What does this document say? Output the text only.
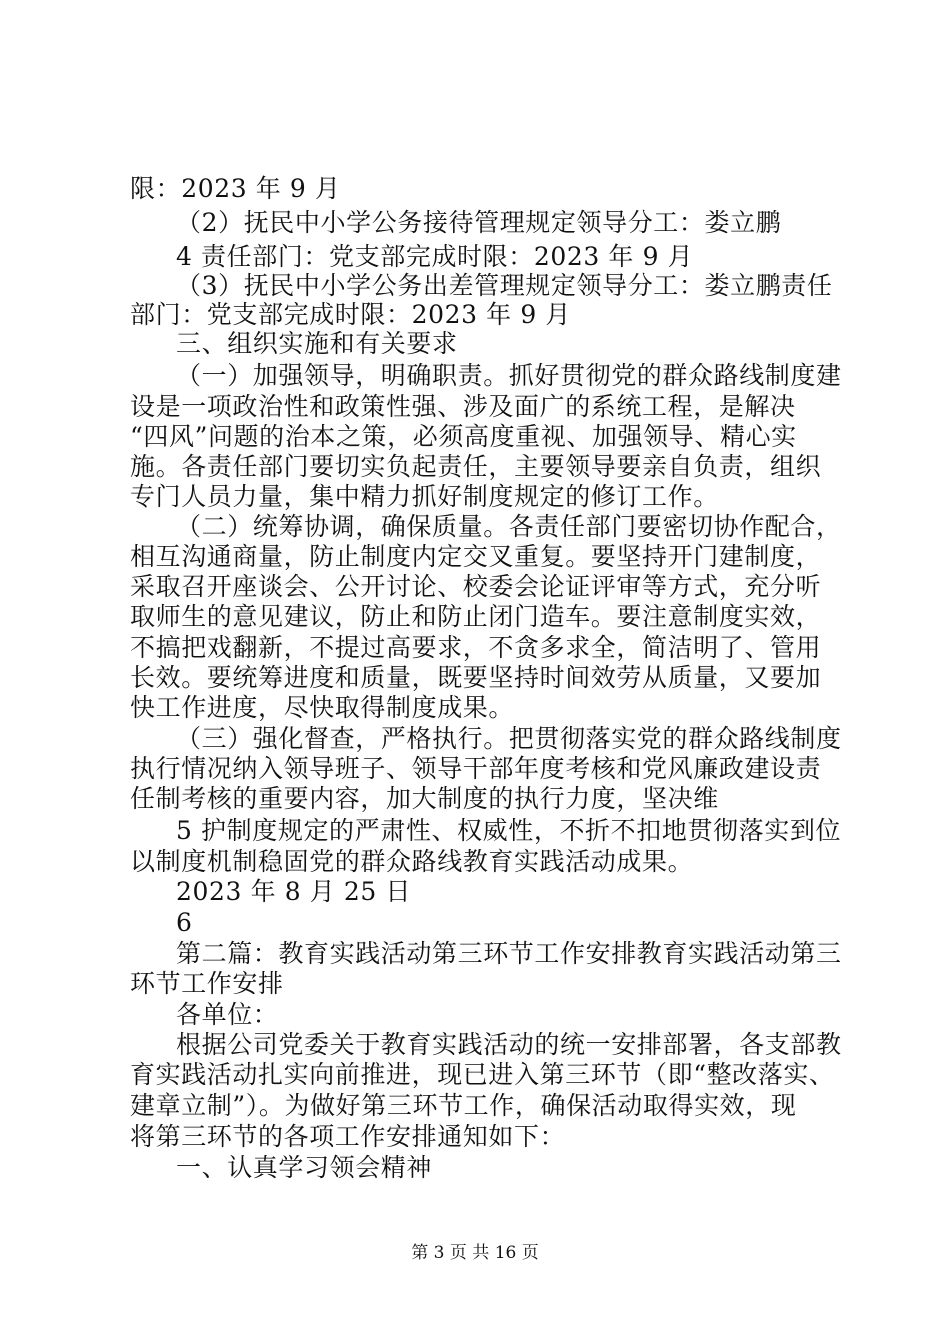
限：2023 年 9 月
（2）抚民中小学公务接待管理规定领导分工：娄立鹏
4 责任部门：党支部完成时限：2023 年 9 月
（3）抚民中小学公务出差管理规定领导分工：娄立鹏责任
部门：党支部完成时限：2023 年 9 月
三、组织实施和有关要求
（一）加强领导，明确职责。抓好贯彻党的群众路线制度建
设是一项政治性和政策性强、涉及面广的系统工程，是解决
“四风”问题的治本之策，必须高度重视、加强领导、精心实
施。各责任部门要切实负起责任，主要领导要亲自负责，组织
专门人员力量，集中精力抓好制度规定的修订工作。
（二）统筹协调，确保质量。各责任部门要密切协作配合，
相互沟通商量，防止制度内定交叉重复。要坚持开门建制度，
采取召开座谈会、公开讨论、校委会论证评审等方式，充分听
取师生的意见建议，防止和防止闭门造车。要注意制度实效，
不搞把戏翻新，不提过高要求，不贪多求全，简洁明了、管用
长效。要统筹进度和质量，既要坚持时间效劳从质量，又要加
快工作进度，尽快取得制度成果。
（三）强化督查，严格执行。把贯彻落实党的群众路线制度
执行情况纳入领导班子、领导干部年度考核和党风廉政建设责
任制考核的重要内容，加大制度的执行力度，坚决维
5 护制度规定的严肃性、权威性，不折不扣地贯彻落实到位
以制度机制稳固党的群众路线教育实践活动成果。
2023 年 8 月 25 日
6
第二篇：教育实践活动第三环节工作安排教育实践活动第三
环节工作安排
各单位：
根据公司党委关于教育实践活动的统一安排部署，各支部教
育实践活动扎实向前推进，现已进入第三环节（即“整改落实、
建章立制”）。为做好第三环节工作，确保活动取得实效，现
将第三环节的各项工作安排通知如下：
一、认真学习领会精神
第 3 页 共 16 页
